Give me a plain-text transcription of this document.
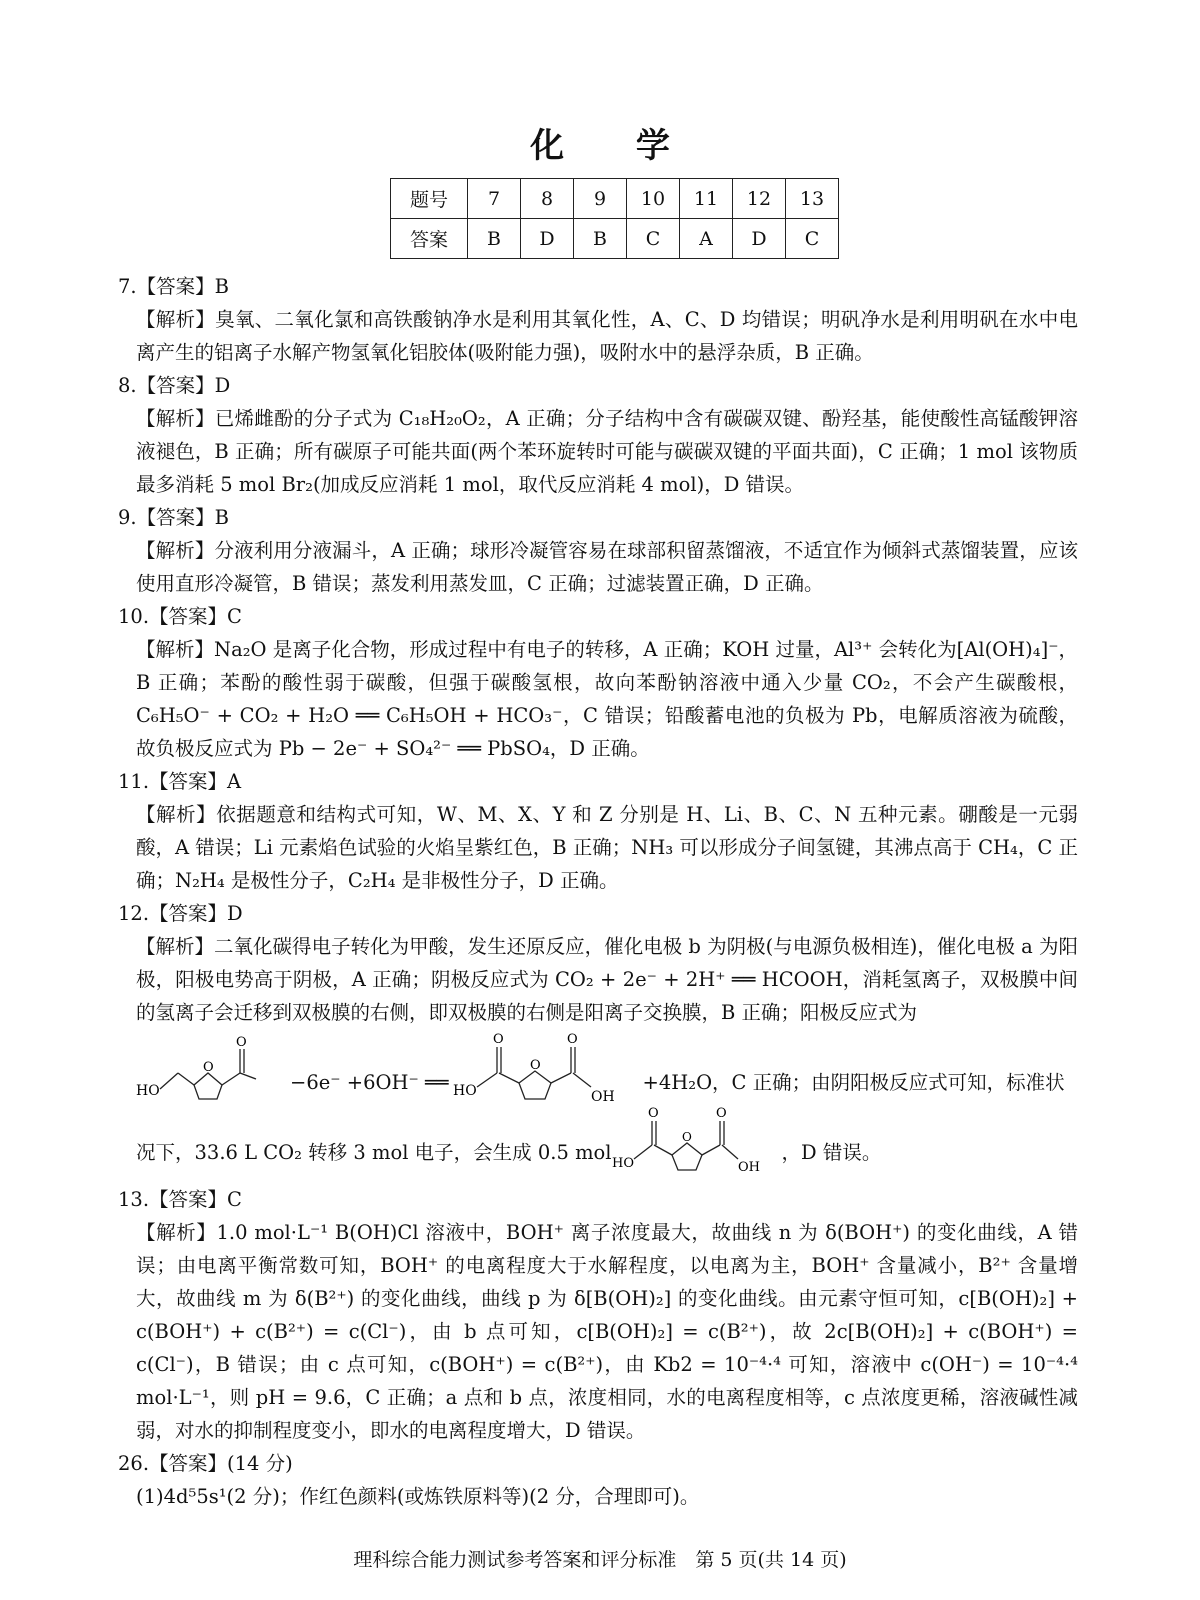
化 学
题号	7	8	9	10	11	12	13
答案	B	D	B	C	A	D	C

7.【答案】B

【解析】臭氧、二氧化氯和高铁酸钠净水是利用其氧化性，A、C、D 均错误；明矾净水是利用明矾在水中电离产生的铝离子水解产物氢氧化铝胶体(吸附能力强)，吸附水中的悬浮杂质，B 正确。

8.【答案】D

【解析】已烯雌酚的分子式为 C₁₈H₂₀O₂，A 正确；分子结构中含有碳碳双键、酚羟基，能使酸性高锰酸钾溶液褪色，B 正确；所有碳原子可能共面(两个苯环旋转时可能与碳碳双键的平面共面)，C 正确；1 mol 该物质最多消耗 5 mol Br₂(加成反应消耗 1 mol，取代反应消耗 4 mol)，D 错误。

9.【答案】B

【解析】分液利用分液漏斗，A 正确；球形冷凝管容易在球部积留蒸馏液，不适宜作为倾斜式蒸馏装置，应该使用直形冷凝管，B 错误；蒸发利用蒸发皿，C 正确；过滤装置正确，D 正确。

10.【答案】C

【解析】Na₂O 是离子化合物，形成过程中有电子的转移，A 正确；KOH 过量，Al³⁺ 会转化为[Al(OH)₄]⁻，B 正确；苯酚的酸性弱于碳酸，但强于碳酸氢根，故向苯酚钠溶液中通入少量 CO₂，不会产生碳酸根，C₆H₅O⁻ + CO₂ + H₂O ══ C₆H₅OH + HCO₃⁻，C 错误；铅酸蓄电池的负极为 Pb，电解质溶液为硫酸，故负极反应式为 Pb − 2e⁻ + SO₄²⁻ ══ PbSO₄，D 正确。

11.【答案】A

【解析】依据题意和结构式可知，W、M、X、Y 和 Z 分别是 H、Li、B、C、N 五种元素。硼酸是一元弱酸，A 错误；Li 元素焰色试验的火焰呈紫红色，B 正确；NH₃ 可以形成分子间氢键，其沸点高于 CH₄，C 正确；N₂H₄ 是极性分子，C₂H₄ 是非极性分子，D 正确。

12.【答案】D

【解析】二氧化碳得电子转化为甲酸，发生还原反应，催化电极 b 为阴极(与电源负极相连)，催化电极 a 为阳极，阳极电势高于阴极，A 正确；阴极反应式为 CO₂ + 2e⁻ + 2H⁺ ══ HCOOH，消耗氢离子，双极膜中间的氢离子会迁移到双极膜的右侧，即双极膜的右侧是阳离子交换膜，B 正确；阳极反应式为

HO
O
O
−6e⁻ +6OH⁻ ══ HO
O
O
O
OH
+4H₂O，C 正确；由阴阳极反应式可知，标准状
况下，33.6 L CO₂ 转移 3 mol 电子，会生成 0.5 mol HO
O
O
O
OH
，D 错误。

13.【答案】C

【解析】1.0 mol·L⁻¹ B(OH)Cl 溶液中，BOH⁺ 离子浓度最大，故曲线 n 为 δ(BOH⁺) 的变化曲线，A 错误；由电离平衡常数可知，BOH⁺ 的电离程度大于水解程度，以电离为主，BOH⁺ 含量减小，B²⁺ 含量增大，故曲线 m 为 δ(B²⁺) 的变化曲线，曲线 p 为 δ[B(OH)₂] 的变化曲线。由元素守恒可知，c[B(OH)₂] + c(BOH⁺) + c(B²⁺) = c(Cl⁻)，由 b 点可知，c[B(OH)₂] = c(B²⁺)，故 2c[B(OH)₂] + c(BOH⁺) = c(Cl⁻)，B 错误；由 c 点可知，c(BOH⁺) = c(B²⁺)，由 Kb2 = 10⁻⁴·⁴ 可知，溶液中 c(OH⁻) = 10⁻⁴·⁴ mol·L⁻¹，则 pH = 9.6，C 正确；a 点和 b 点，浓度相同，水的电离程度相等，c 点浓度更稀，溶液碱性减弱，对水的抑制程度变小，即水的电离程度增大，D 错误。

26.【答案】(14 分)

(1)4d⁵5s¹(2 分)；作红色颜料(或炼铁原料等)(2 分，合理即可)。

理科综合能力测试参考答案和评分标准　第 5 页(共 14 页)
